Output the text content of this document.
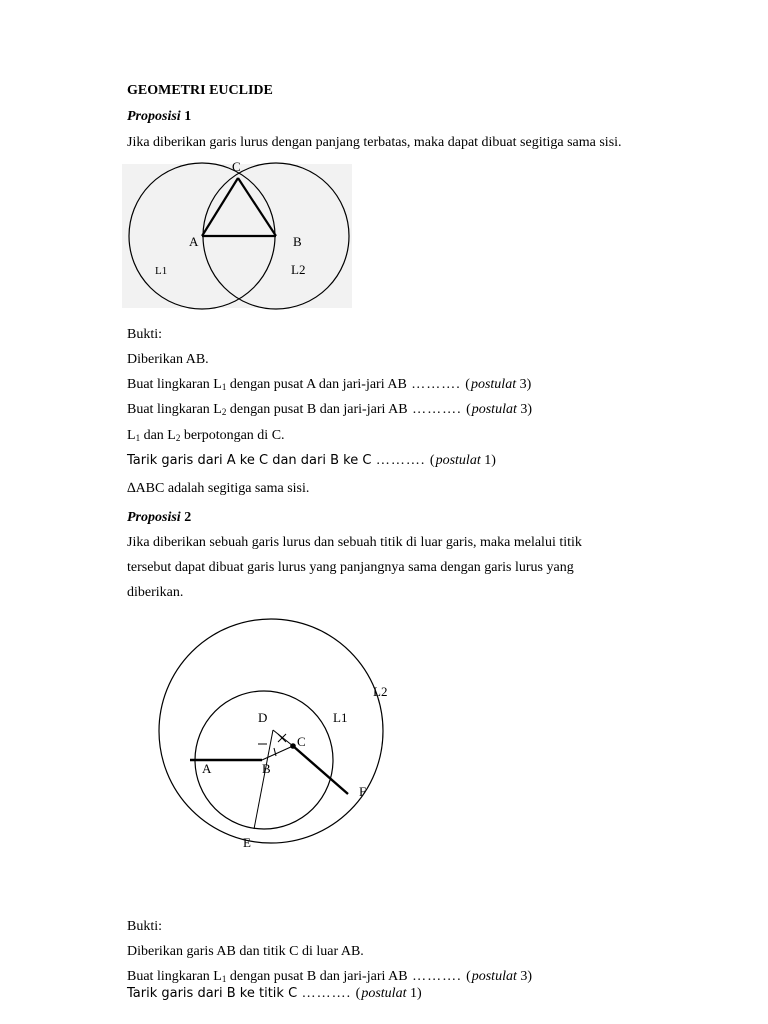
GEOMETRI EUCLIDE
Proposisi 1
Jika diberikan garis lurus dengan panjang terbatas, maka dapat dibuat segitiga sama sisi.
C
A	B
L1	L2
Bukti:
Diberikan AB.
Buat lingkaran $L_1$ dengan pusat A dan jari-jari AB ………. (postulat 3)
Buat lingkaran $L_2$ dengan pusat B dan jari-jari AB ………. (postulat 3)
$L_1$ dan $L_2$ berpotongan di C.
Tarik garis dari A ke C dan dari B ke C ………. (postulat 1)
∆ABC adalah segitiga sama sisi.
Proposisi 2
Jika diberikan sebuah garis lurus dan sebuah titik di luar garis, maka melalui titik
tersebut dapat dibuat garis lurus yang panjangnya sama dengan garis lurus yang
diberikan.
L2
D	L1
C
A	B
F
E
Bukti:
Diberikan garis AB dan titik C di luar AB.
Buat lingkaran $L_1$ dengan pusat B dan jari-jari AB ………. (postulat 3)
Tarik garis dari B ke titik C ………. (postulat 1)
